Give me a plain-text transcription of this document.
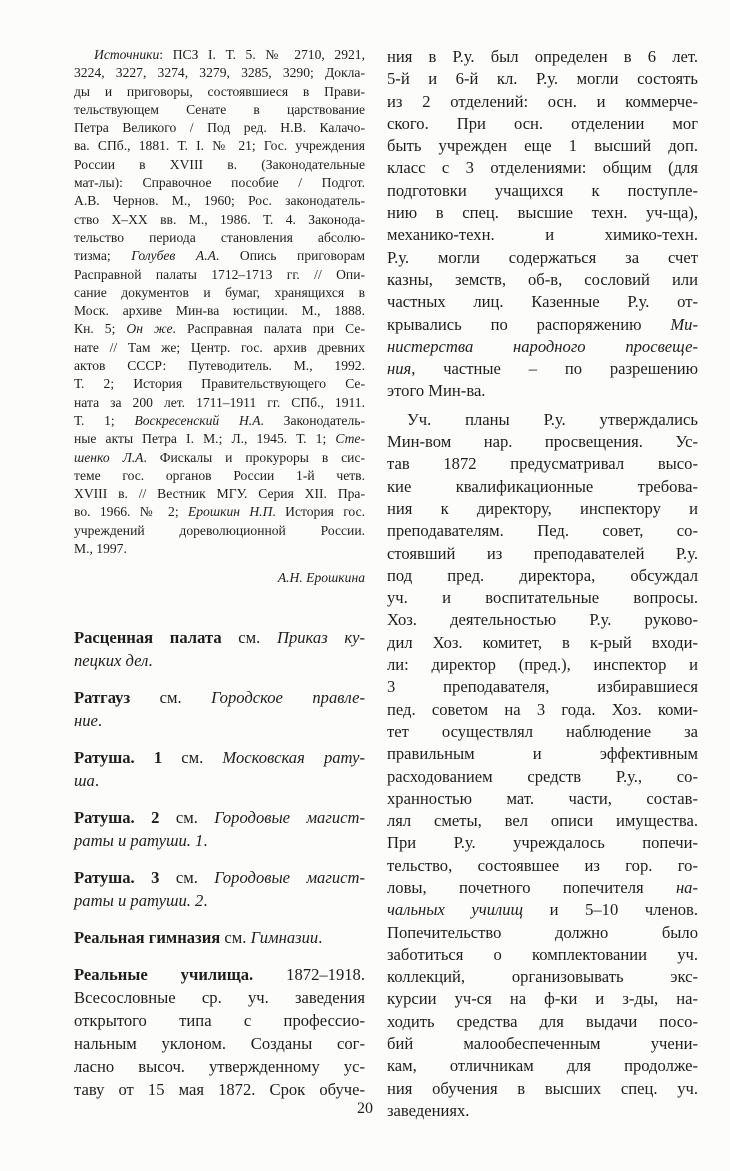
Источники: ПСЗ I. Т. 5. № 2710, 2921,
3224, 3227, 3274, 3279, 3285, 3290; Докла-
ды и приговоры, состоявшиеся в Прави-
тельствующем Сенате в царствование
Петра Великого / Под ред. Н.В. Калачо-
ва. СПб., 1881. Т. I. № 21; Гос. учреждения
России в XVIII в. (Законодательные
мат-лы): Справочное пособие / Подгот.
А.В. Чернов. М., 1960; Рос. законодатель-
ство X–XX вв. М., 1986. Т. 4. Законода-
тельство периода становления абсолю-
тизма; Голубев А.А. Опись приговорам
Расправной палаты 1712–1713 гг. // Опи-
сание документов и бумаг, хранящихся в
Моск. архиве Мин-ва юстиции. М., 1888.
Кн. 5; Он же. Расправная палата при Се-
нате // Там же; Центр. гос. архив древних
актов СССР: Путеводитель. М., 1992.
Т. 2; История Правительствующего Се-
ната за 200 лет. 1711–1911 гг. СПб., 1911.
Т. 1; Воскресенский Н.А. Законодатель-
ные акты Петра I. М.; Л., 1945. Т. 1; Сте-
шенко Л.А. Фискалы и прокуроры в сис-
теме гос. органов России 1-й четв.
XVIII в. // Вестник МГУ. Серия XII. Пра-
во. 1966. № 2; Ерошкин Н.П. История гос.
учреждений дореволюционной России.
М., 1997.
А.Н. Ерошкина
Расценная палата см. Приказ ку-
пецких дел.
Ратгауз см. Городское правле-
ние.
Ратуша. 1 см. Московская рату-
ша.
Ратуша. 2 см. Городовые магист-
раты и ратуши. 1.
Ратуша. 3 см. Городовые магист-
раты и ратуши. 2.
Реальная гимназия см. Гимназии.
Реальные училища. 1872–1918.
Всесословные ср. уч. заведения
открытого типа с профессио-
нальным уклоном. Созданы сог-
ласно высоч. утвержденному ус-
таву от 15 мая 1872. Срок обуче-
ния в Р.у. был определен в 6 лет.
5-й и 6-й кл. Р.у. могли состоять
из 2 отделений: осн. и коммерче-
ского. При осн. отделении мог
быть учрежден еще 1 высший доп.
класс с 3 отделениями: общим (для
подготовки учащихся к поступле-
нию в спец. высшие техн. уч-ща),
механико-техн. и химико-техн.
Р.у. могли содержаться за счет
казны, земств, об-в, сословий или
частных лиц. Казенные Р.у. от-
крывались по распоряжению Ми-
нистерства народного просвеще-
ния, частные – по разрешению
этого Мин-ва.
Уч. планы Р.у. утверждались
Мин-вом нар. просвещения. Ус-
тав 1872 предусматривал высо-
кие квалификационные требова-
ния к директору, инспектору и
преподавателям. Пед. совет, со-
стоявший из преподавателей Р.у.
под пред. директора, обсуждал
уч. и воспитательные вопросы.
Хоз. деятельностью Р.у. руково-
дил Хоз. комитет, в к-рый входи-
ли: директор (пред.), инспектор и
3 преподавателя, избиравшиеся
пед. советом на 3 года. Хоз. коми-
тет осуществлял наблюдение за
правильным и эффективным
расходованием средств Р.у., со-
хранностью мат. части, состав-
лял сметы, вел описи имущества.
При Р.у. учреждалось попечи-
тельство, состоявшее из гор. го-
ловы, почетного попечителя на-
чальных училищ и 5–10 членов.
Попечительство должно было
заботиться о комплектовании уч.
коллекций, организовывать экс-
курсии уч-ся на ф-ки и з-ды, на-
ходить средства для выдачи посо-
бий малообеспеченным учени-
кам, отличникам для продолже-
ния обучения в высших спец. уч.
заведениях.
20
